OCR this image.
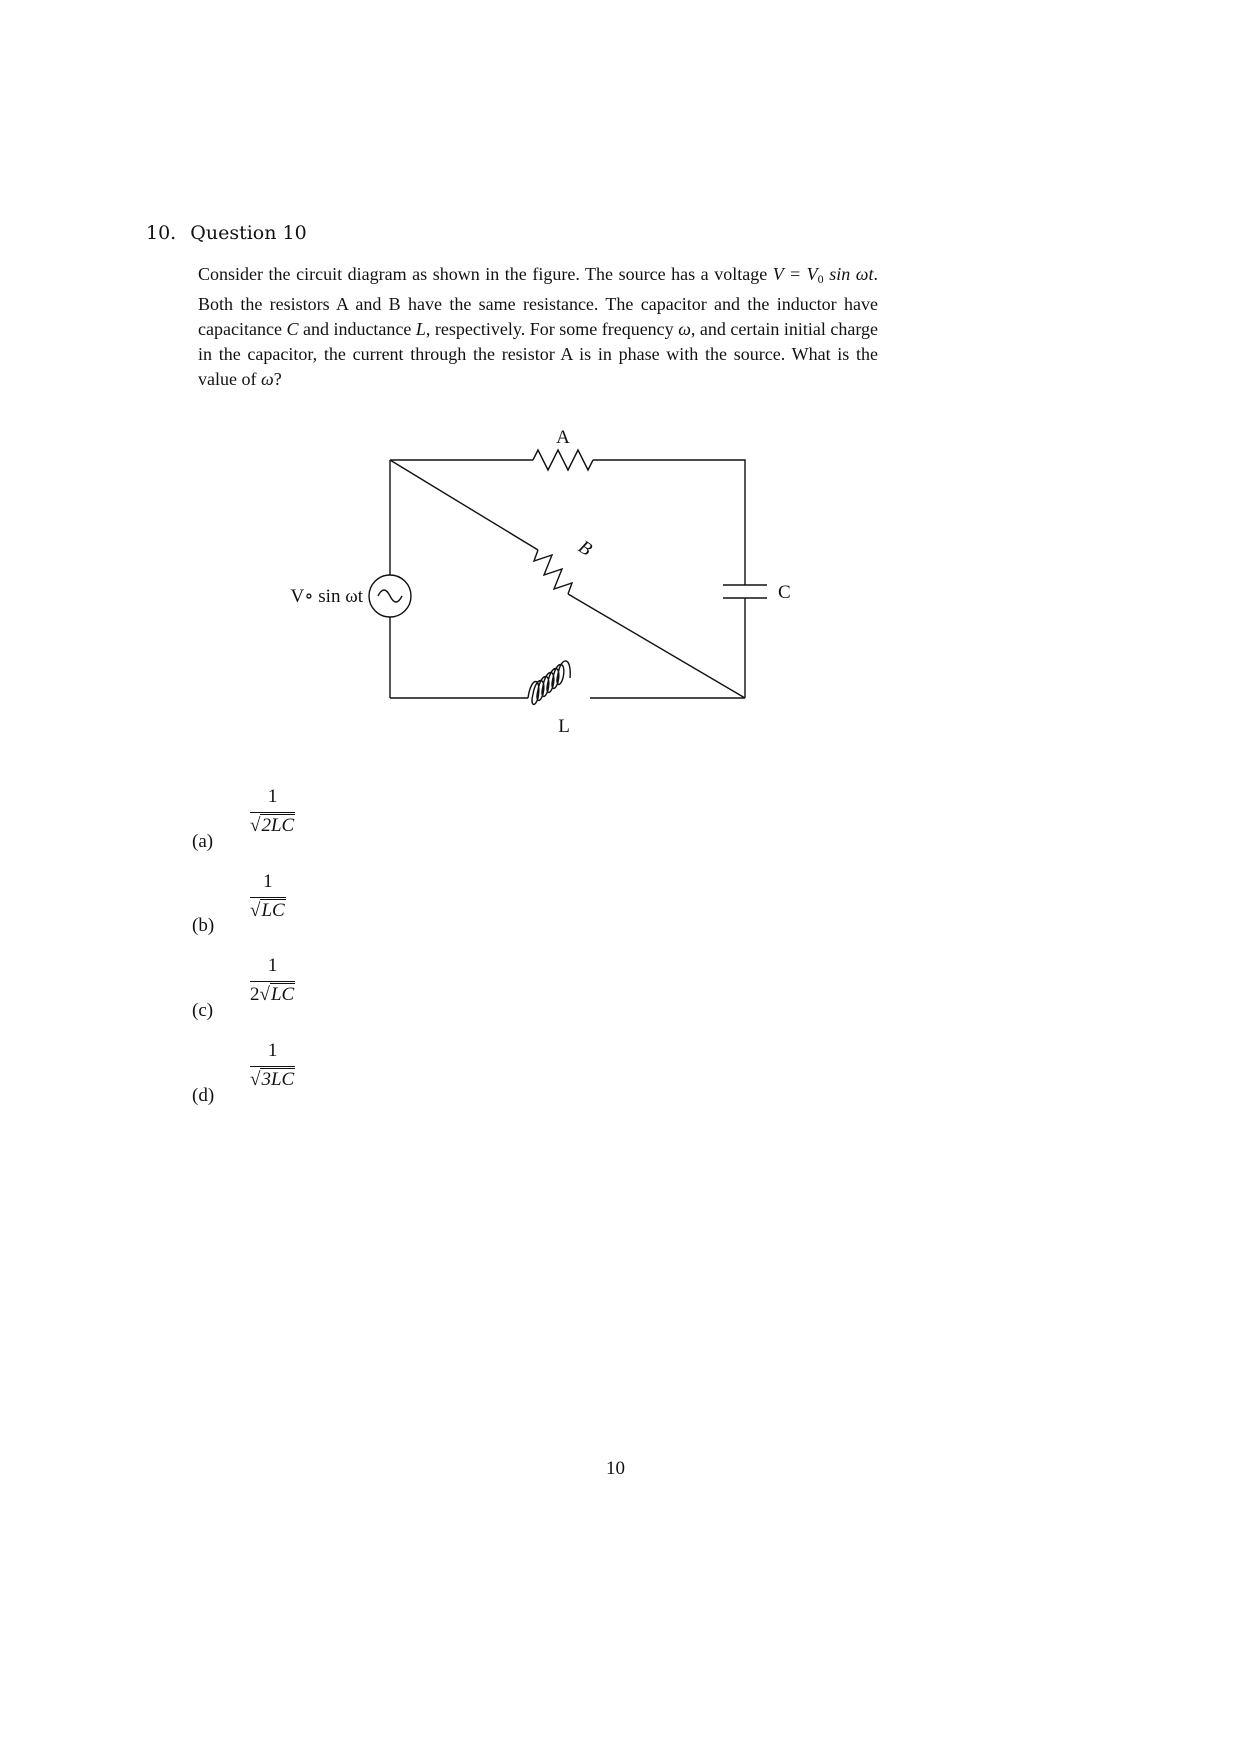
10. Question 10
Consider the circuit diagram as shown in the figure. The source has a voltage $V = V_0$ sin ωt. Both the resistors A and B have the same resistance. The capacitor and the inductor have capacitance C and inductance L, respectively. For some frequency ω, and certain initial charge in the capacitor, the current through the resistor A is in phase with the source. What is the value of ω?
A
B
C
L
V∘ sin ωt
(a)
$\frac{1}{√2LC}$
(b)
$\frac{1}{√LC}$
(c)
$\frac{1}{2√LC}$
(d)
$\frac{1}{√3LC}$
10
